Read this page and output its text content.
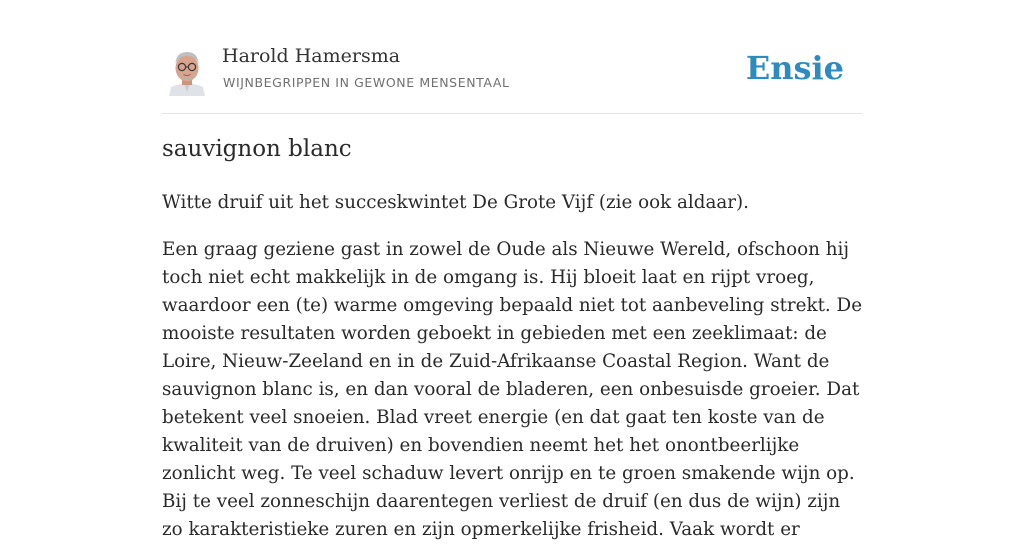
Harold Hamersma
WIJNBEGRIPPEN IN GEWONE MENSENTAAL	Ensie
sauvignon blanc

Witte druif uit het succeskwintet De Grote Vijf (zie ook aldaar).

Een graag geziene gast in zowel de Oude als Nieuwe Wereld, ofschoon hij toch niet echt makkelijk in de omgang is. Hij bloeit laat en rijpt vroeg, waardoor een (te) warme omgeving bepaald niet tot aanbeveling strekt. De mooiste resultaten worden geboekt in gebieden met een zeeklimaat: de Loire, Nieuw-Zeeland en in de Zuid-Afrikaanse Coastal Region. Want de sauvignon blanc is, en dan vooral de bladeren, een onbesuisde groeier. Dat betekent veel snoeien. Blad vreet energie (en dat gaat ten koste van de kwaliteit van de druiven) en bovendien neemt het het onontbeerlijke zonlicht weg. Te veel schaduw levert onrijp en te groen smakende wijn op. Bij te veel zonneschijn daarentegen verliest de druif (en dus de wijn) zijn zo karakteristieke zuren en zijn opmerkelijke frisheid. Vaak wordt er
